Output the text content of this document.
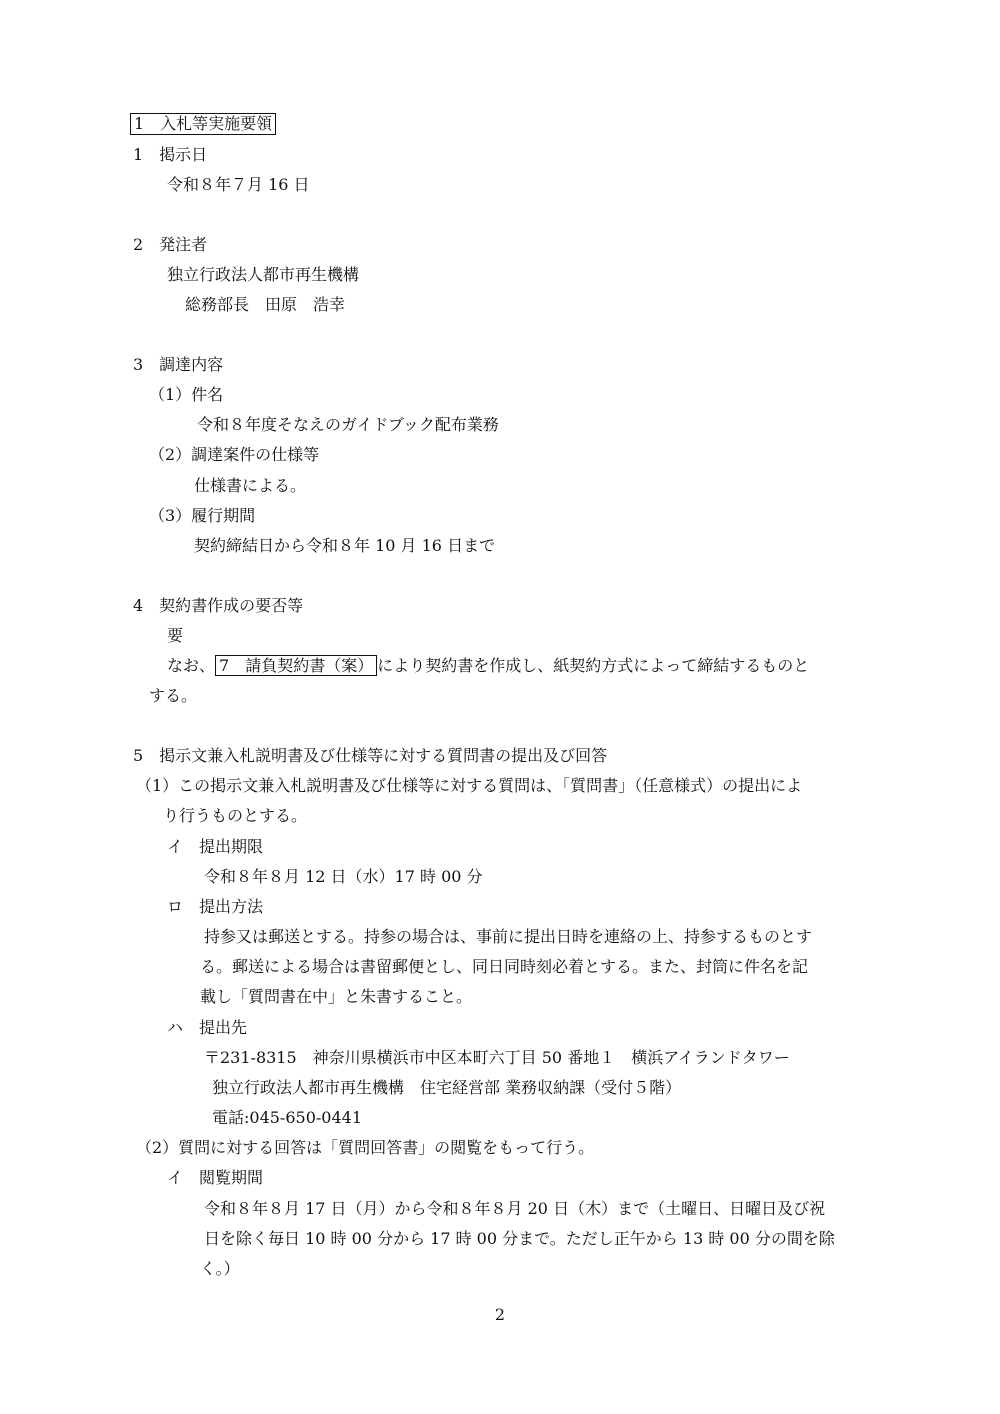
1　入札等実施要領
1　掲示日
令和８年７月 16 日
2　発注者
独立行政法人都市再生機構
総務部長　田原　浩幸
3　調達内容
（1）件名
令和８年度そなえのガイドブック配布業務
（2）調達案件の仕様等
仕様書による。
（3）履行期間
契約締結日から令和８年 10 月 16 日まで
4　契約書作成の要否等
要
なお、 7　請負契約書（案） により契約書を作成し、紙契約方式によって締結するものと
する。
5　掲示文兼入札説明書及び仕様等に対する質問書の提出及び回答
（1）この掲示文兼入札説明書及び仕様等に対する質問は、「質問書」（任意様式）の提出によ
り行うものとする。
イ　提出期限
令和８年８月 12 日（水）17 時 00 分
ロ　提出方法
持参又は郵送とする。持参の場合は、事前に提出日時を連絡の上、持参するものとす
る。郵送による場合は書留郵便とし、同日同時刻必着とする。また、封筒に件名を記
載し「質問書在中」と朱書すること。
ハ　提出先
〒231-8315　神奈川県横浜市中区本町六丁目 50 番地１　横浜アイランドタワー
独立行政法人都市再生機構　住宅経営部 業務収納課（受付５階）
電話:045-650-0441
（2）質問に対する回答は「質問回答書」の閲覧をもって行う。
イ　閲覧期間
令和８年８月 17 日（月）から令和８年８月 20 日（木）まで（土曜日、日曜日及び祝
日を除く毎日 10 時 00 分から 17 時 00 分まで。ただし正午から 13 時 00 分の間を除
く。）
2
